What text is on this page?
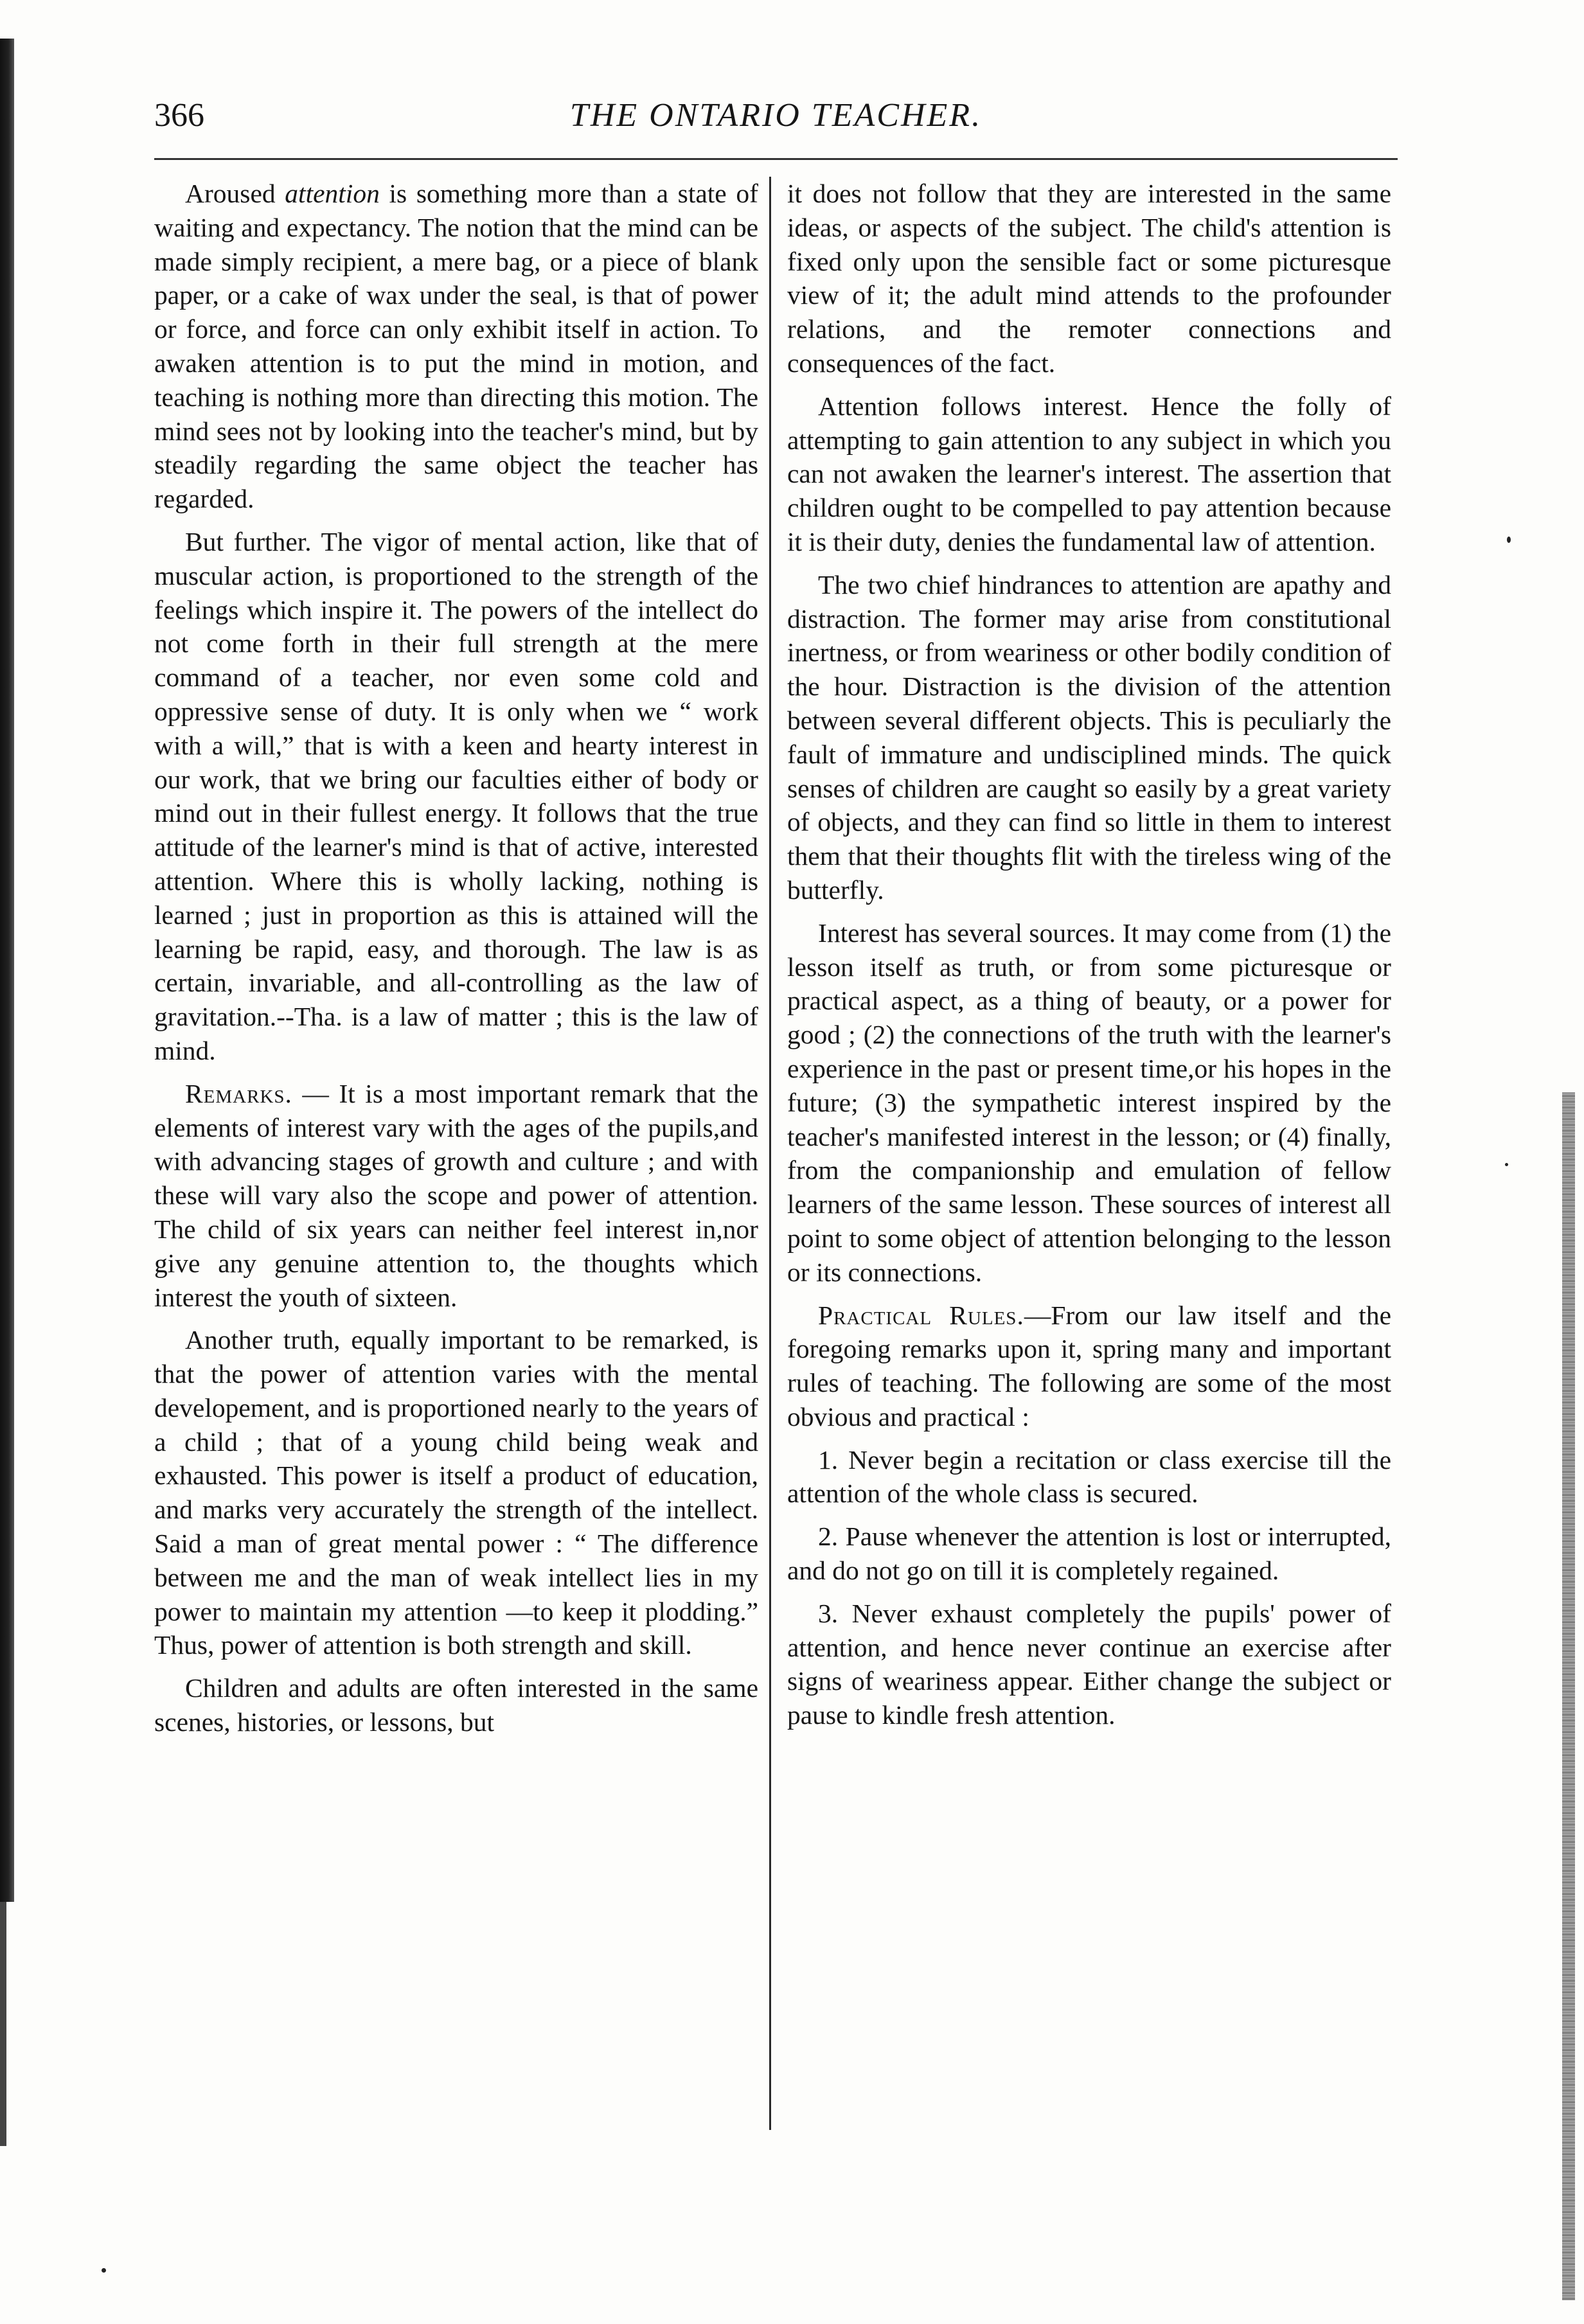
366	THE ONTARIO TEACHER.

Aroused attention is something more than a state of waiting and expectancy. The notion that the mind can be made simply recipient, a mere bag, or a piece of blank paper, or a cake of wax under the seal, is that of power or force, and force can only exhibit itself in action. To awaken attention is to put the mind in motion, and teaching is nothing more than directing this motion. The mind sees not by looking into the teacher's mind, but by steadily regarding the same object the teacher has regarded.

But further. The vigor of mental action, like that of muscular action, is proportioned to the strength of the feelings which inspire it. The powers of the intellect do not come forth in their full strength at the mere command of a teacher, nor even some cold and oppressive sense of duty. It is only when we “ work with a will,” that is with a keen and hearty interest in our work, that we bring our faculties either of body or mind out in their fullest energy. It follows that the true attitude of the learner's mind is that of active, interested attention. Where this is wholly lacking, nothing is learned ; just in proportion as this is attained will the learning be rapid, easy, and thorough. The law is as certain, invariable, and all-controlling as the law of gravitation.--Tha. is a law of matter ; this is the law of mind.

Remarks. — It is a most important remark that the elements of interest vary with the ages of the pupils,and with advancing stages of growth and culture ; and with these will vary also the scope and power of attention. The child of six years can neither feel interest in,nor give any genuine attention to, the thoughts which interest the youth of sixteen.

Another truth, equally important to be remarked, is that the power of attention varies with the mental developement, and is proportioned nearly to the years of a child ; that of a young child being weak and exhausted. This power is itself a product of education, and marks very accurately the strength of the intellect. Said a man of great mental power : “ The difference between me and the man of weak intellect lies in my power to maintain my attention —to keep it plodding.” Thus, power of attention is both strength and skill.

Children and adults are often interested in the same scenes, histories, or lessons, but

it does not follow that they are interested in the same ideas, or aspects of the subject. The child's attention is fixed only upon the sensible fact or some picturesque view of it; the adult mind attends to the profounder relations, and the remoter connections and consequences of the fact.

Attention follows interest. Hence the folly of attempting to gain attention to any subject in which you can not awaken the learner's interest. The assertion that children ought to be compelled to pay attention because it is their duty, denies the fundamental law of attention.

The two chief hindrances to attention are apathy and distraction. The former may arise from constitutional inertness, or from weariness or other bodily condition of the hour. Distraction is the division of the attention between several different objects. This is peculiarly the fault of immature and undisciplined minds. The quick senses of children are caught so easily by a great variety of objects, and they can find so little in them to interest them that their thoughts flit with the tireless wing of the butterfly.

Interest has several sources. It may come from (1) the lesson itself as truth, or from some picturesque or practical aspect, as a thing of beauty, or a power for good ; (2) the connections of the truth with the learner's experience in the past or present time,or his hopes in the future; (3) the sympathetic interest inspired by the teacher's manifested interest in the lesson; or (4) finally, from the companionship and emulation of fellow learners of the same lesson. These sources of interest all point to some object of attention belonging to the lesson or its connections.

Practical Rules.—From our law itself and the foregoing remarks upon it, spring many and important rules of teaching. The following are some of the most obvious and practical :

1. Never begin a recitation or class exercise till the attention of the whole class is secured.

2. Pause whenever the attention is lost or interrupted, and do not go on till it is completely regained.

3. Never exhaust completely the pupils' power of attention, and hence never continue an exercise after signs of weariness appear. Either change the subject or pause to kindle fresh attention.
